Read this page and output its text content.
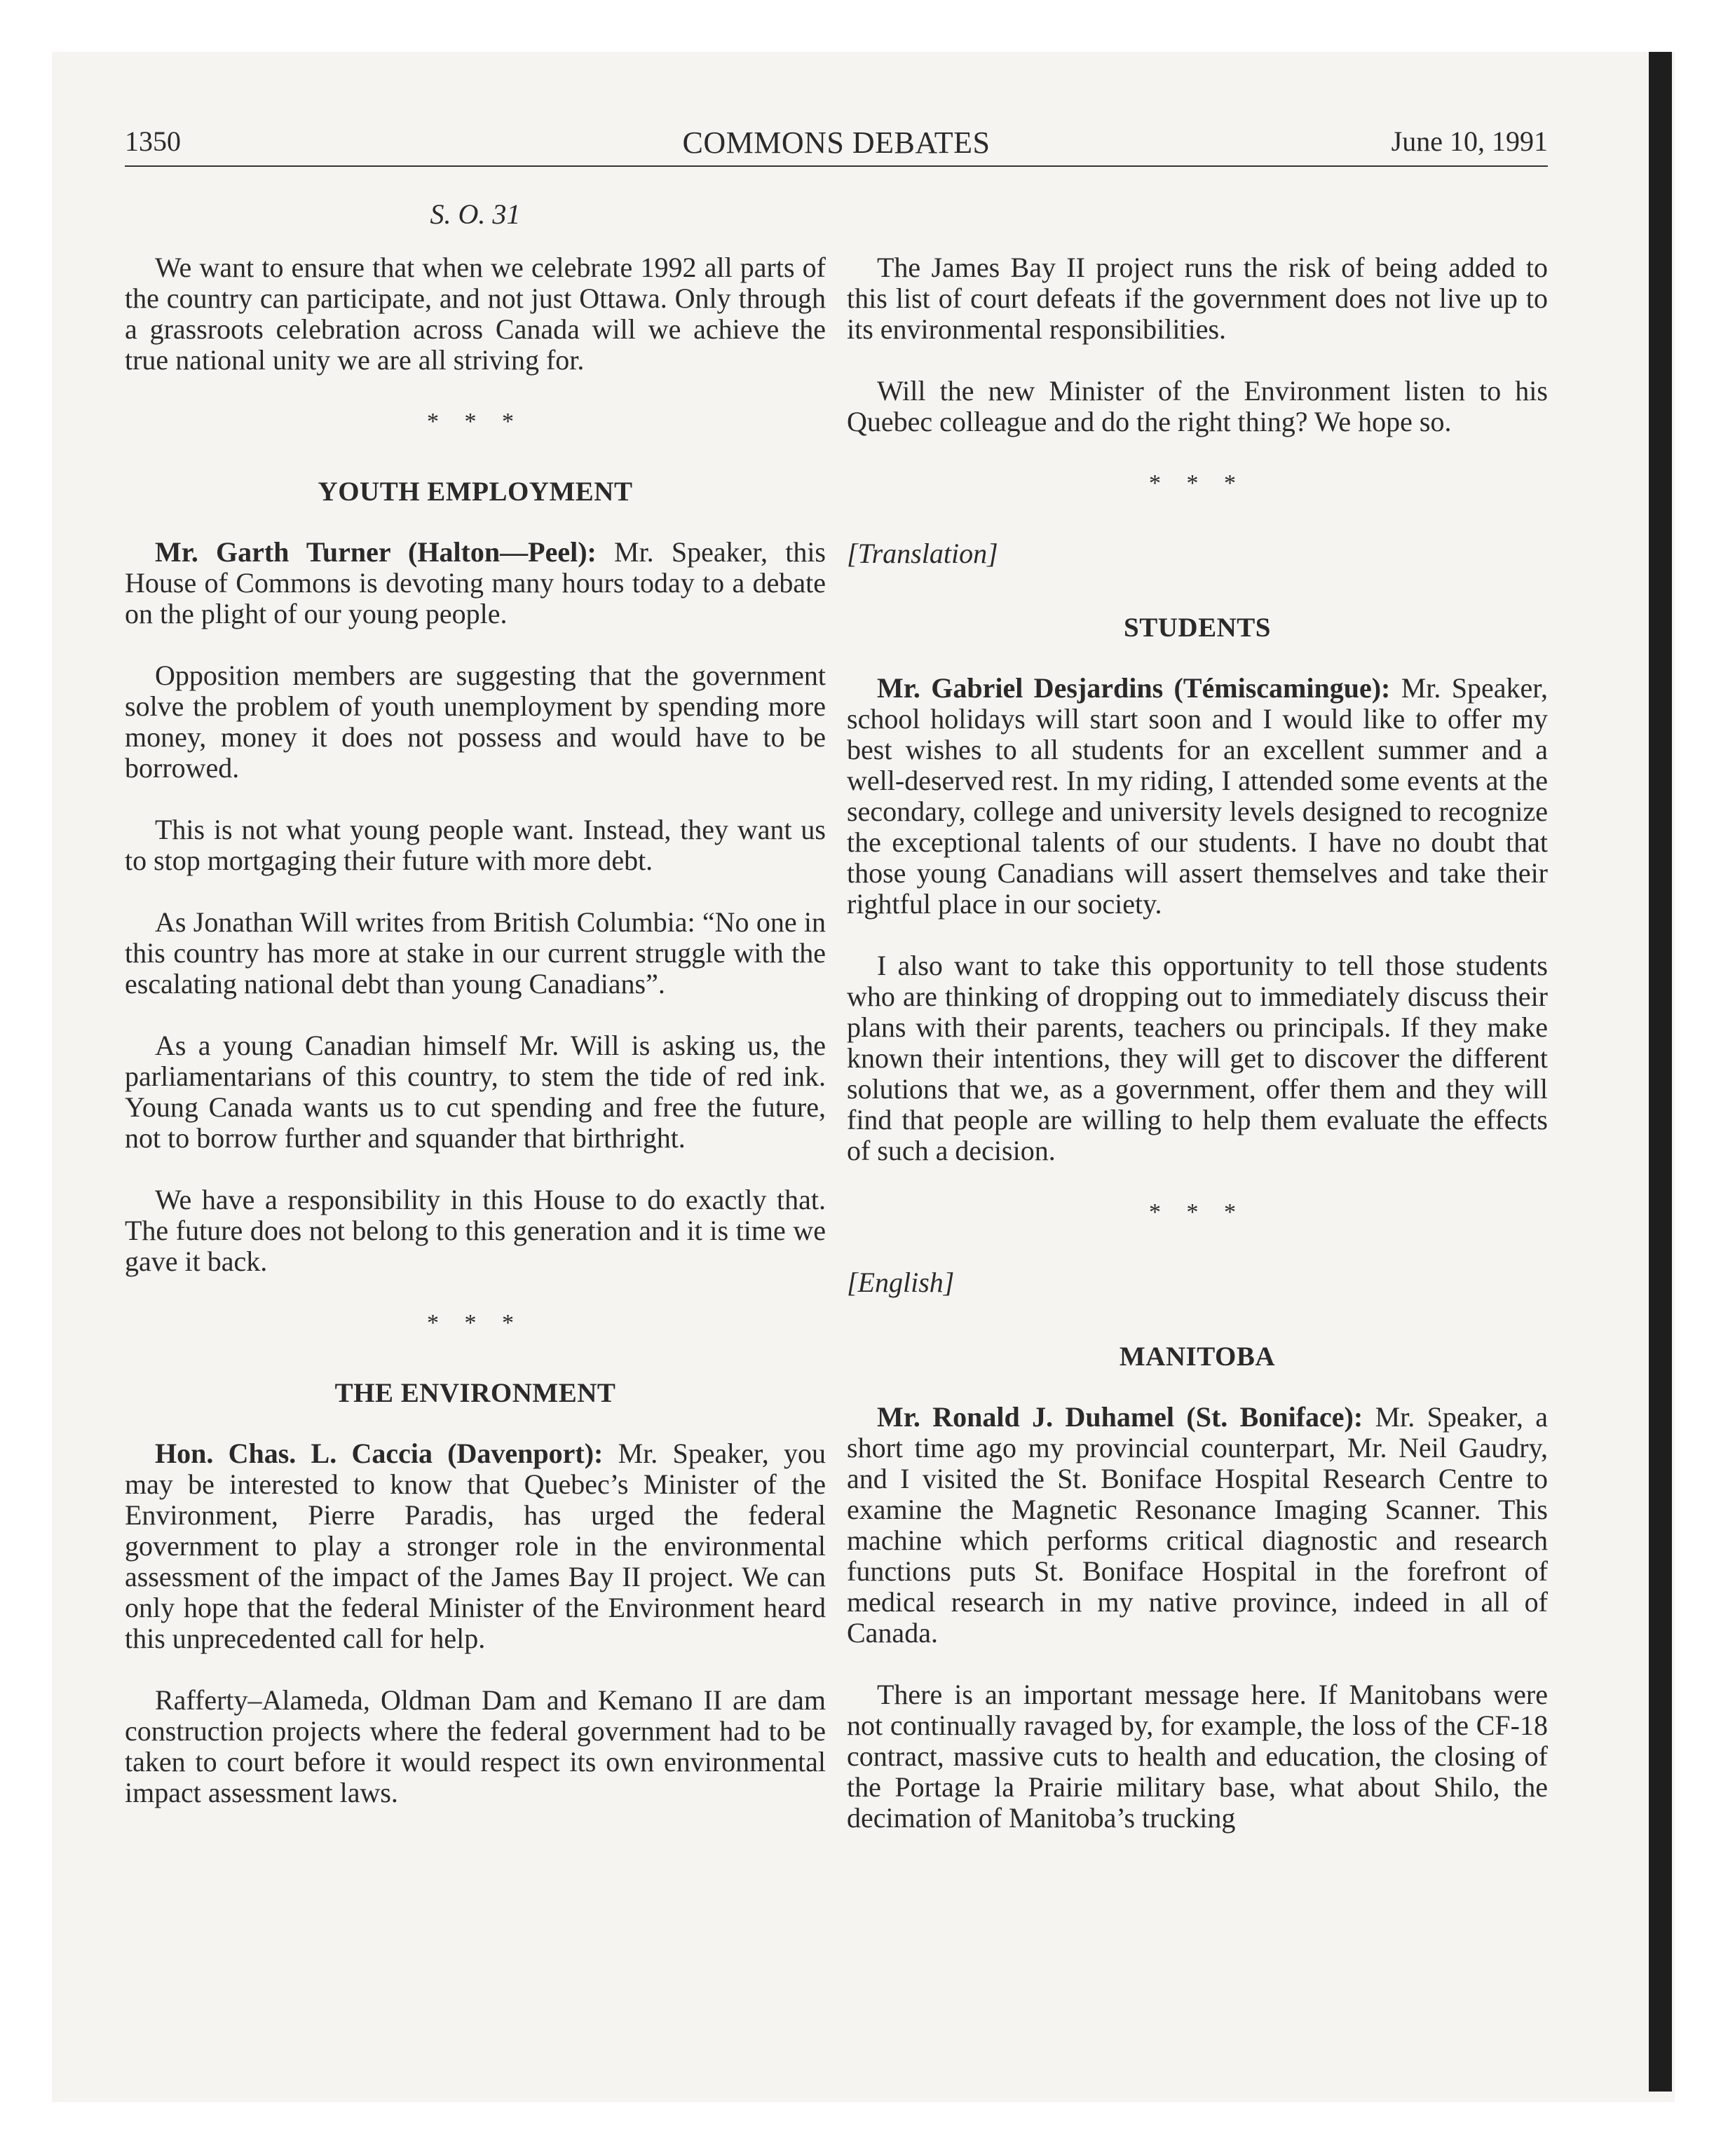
COMMONS DEBATES
1350	June 10, 1991
S. O. 31

We want to ensure that when we celebrate 1992 all parts of the country can participate, and not just Ottawa. Only through a grassroots celebration across Canada will we achieve the true national unity we are all striving for.

* * *
YOUTH EMPLOYMENT

Mr. Garth Turner (Halton—Peel): Mr. Speaker, this House of Commons is devoting many hours today to a debate on the plight of our young people.

Opposition members are suggesting that the government solve the problem of youth unemployment by spending more money, money it does not possess and would have to be borrowed.

This is not what young people want. Instead, they want us to stop mortgaging their future with more debt.

As Jonathan Will writes from British Columbia: “No one in this country has more at stake in our current struggle with the escalating national debt than young Canadians”.

As a young Canadian himself Mr. Will is asking us, the parliamentarians of this country, to stem the tide of red ink. Young Canada wants us to cut spending and free the future, not to borrow further and squander that birthright.

We have a responsibility in this House to do exactly that. The future does not belong to this generation and it is time we gave it back.

* * *
THE ENVIRONMENT

Hon. Chas. L. Caccia (Davenport): Mr. Speaker, you may be interested to know that Quebec’s Minister of the Environment, Pierre Paradis, has urged the federal government to play a stronger role in the environmental assessment of the impact of the James Bay II project. We can only hope that the federal Minister of the Environment heard this unprecedented call for help.

Rafferty–Alameda, Oldman Dam and Kemano II are dam construction projects where the federal government had to be taken to court before it would respect its own environmental impact assessment laws.

The James Bay II project runs the risk of being added to this list of court defeats if the government does not live up to its environmental responsibilities.

Will the new Minister of the Environment listen to his Quebec colleague and do the right thing? We hope so.

* * *
[Translation]
STUDENTS

Mr. Gabriel Desjardins (Témiscamingue): Mr. Speaker, school holidays will start soon and I would like to offer my best wishes to all students for an excellent summer and a well-deserved rest. In my riding, I attended some events at the secondary, college and university levels designed to recognize the exceptional talents of our students. I have no doubt that those young Canadians will assert themselves and take their rightful place in our society.

I also want to take this opportunity to tell those students who are thinking of dropping out to immediately discuss their plans with their parents, teachers ou principals. If they make known their intentions, they will get to discover the different solutions that we, as a government, offer them and they will find that people are willing to help them evaluate the effects of such a decision.

* * *
[English]
MANITOBA

Mr. Ronald J. Duhamel (St. Boniface): Mr. Speaker, a short time ago my provincial counterpart, Mr. Neil Gaudry, and I visited the St. Boniface Hospital Research Centre to examine the Magnetic Resonance Imaging Scanner. This machine which performs critical diagnostic and research functions puts St. Boniface Hospital in the forefront of medical research in my native province, indeed in all of Canada.

There is an important message here. If Manitobans were not continually ravaged by, for example, the loss of the CF-18 contract, massive cuts to health and education, the closing of the Portage la Prairie military base, what about Shilo, the decimation of Manitoba’s trucking
